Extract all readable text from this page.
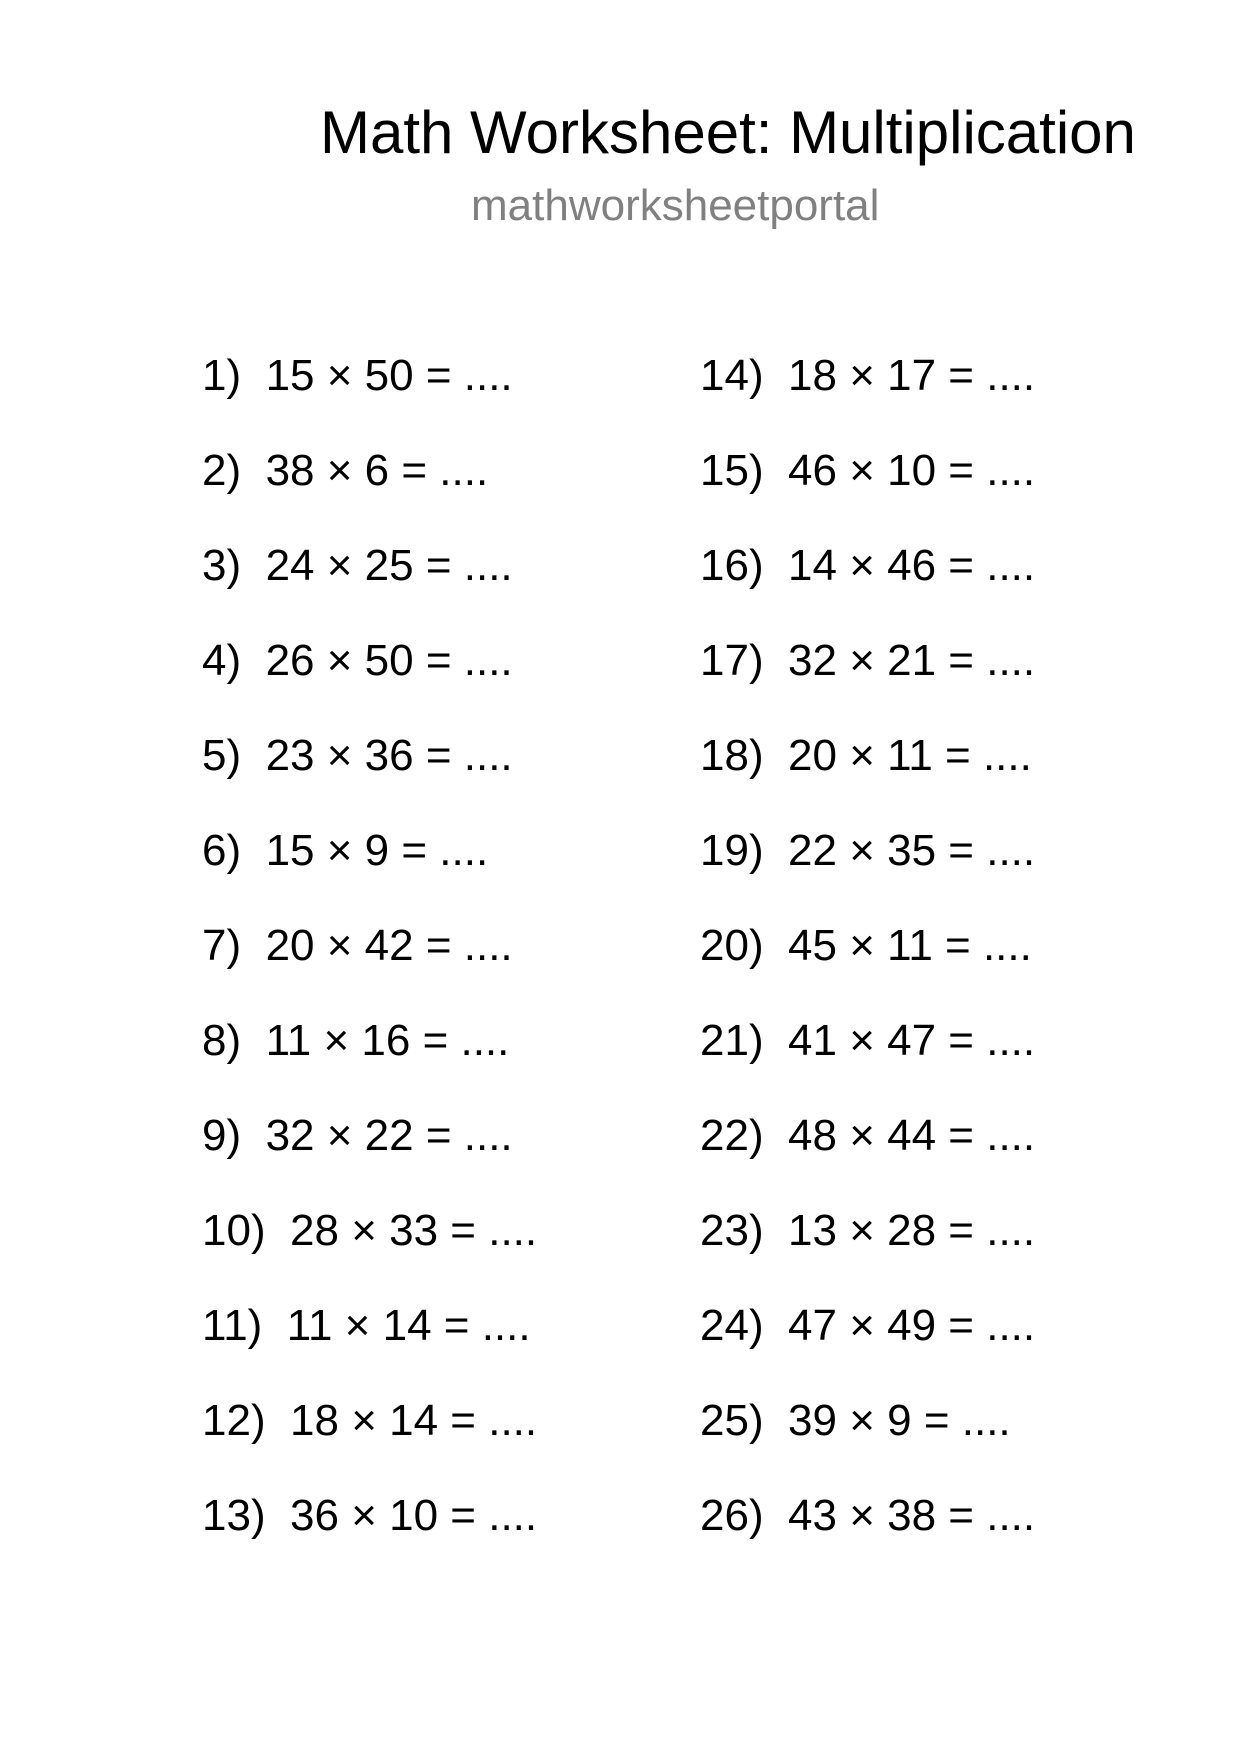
Math Worksheet: Multiplication
mathworksheetportal
1) 15 × 50 = ....
2) 38 × 6 = ....
3) 24 × 25 = ....
4) 26 × 50 = ....
5) 23 × 36 = ....
6) 15 × 9 = ....
7) 20 × 42 = ....
8) 11 × 16 = ....
9) 32 × 22 = ....
10) 28 × 33 = ....
11) 11 × 14 = ....
12) 18 × 14 = ....
13) 36 × 10 = ....
14) 18 × 17 = ....
15) 46 × 10 = ....
16) 14 × 46 = ....
17) 32 × 21 = ....
18) 20 × 11 = ....
19) 22 × 35 = ....
20) 45 × 11 = ....
21) 41 × 47 = ....
22) 48 × 44 = ....
23) 13 × 28 = ....
24) 47 × 49 = ....
25) 39 × 9 = ....
26) 43 × 38 = ....
